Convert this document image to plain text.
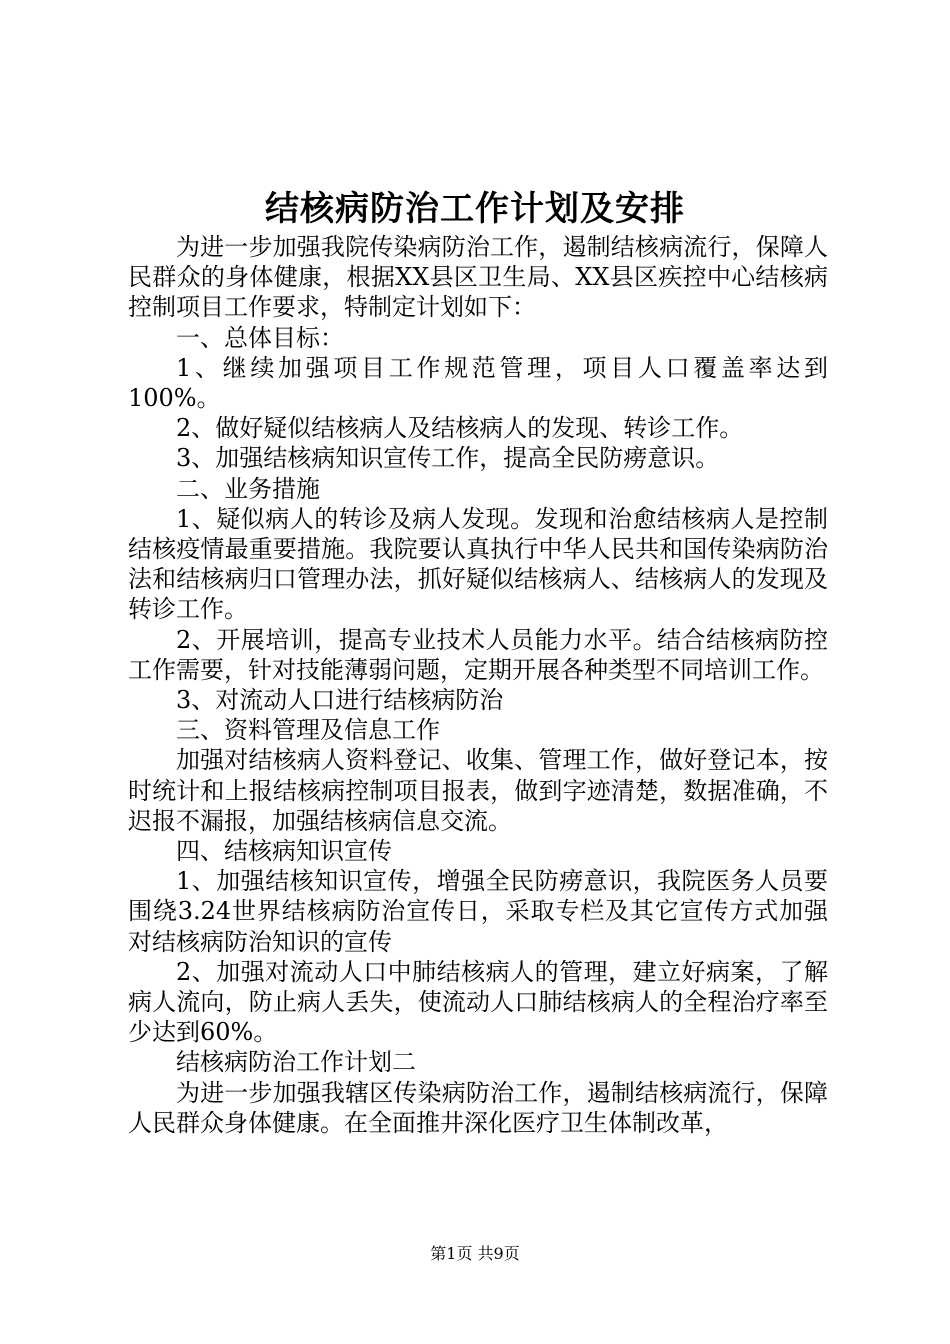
结核病防治工作计划及安排

为进一步加强我院传染病防治工作，遏制结核病流行，保障人民群众的身体健康，根据XX县区卫生局、XX县区疾控中心结核病控制项目工作要求，特制定计划如下：

一、总体目标：

1、继续加强项目工作规范管理，项目人口覆盖率达到100%。

2、做好疑似结核病人及结核病人的发现、转诊工作。

3、加强结核病知识宣传工作，提高全民防痨意识。

二、业务措施

1、疑似病人的转诊及病人发现。发现和治愈结核病人是控制结核疫情最重要措施。我院要认真执行中华人民共和国传染病防治法和结核病归口管理办法，抓好疑似结核病人、结核病人的发现及转诊工作。

2、开展培训，提高专业技术人员能力水平。结合结核病防控工作需要，针对技能薄弱问题，定期开展各种类型不同培训工作。

3、对流动人口进行结核病防治

三、资料管理及信息工作

加强对结核病人资料登记、收集、管理工作，做好登记本，按时统计和上报结核病控制项目报表，做到字迹清楚，数据准确，不迟报不漏报，加强结核病信息交流。

四、结核病知识宣传

1、加强结核知识宣传，增强全民防痨意识，我院医务人员要围绕3.24世界结核病防治宣传日，采取专栏及其它宣传方式加强对结核病防治知识的宣传

2、加强对流动人口中肺结核病人的管理，建立好病案，了解病人流向，防止病人丢失，使流动人口肺结核病人的全程治疗率至少达到60%。

结核病防治工作计划二

为进一步加强我辖区传染病防治工作，遏制结核病流行，保障人民群众身体健康。在全面推井深化医疗卫生体制改革，

第1页 共9页
